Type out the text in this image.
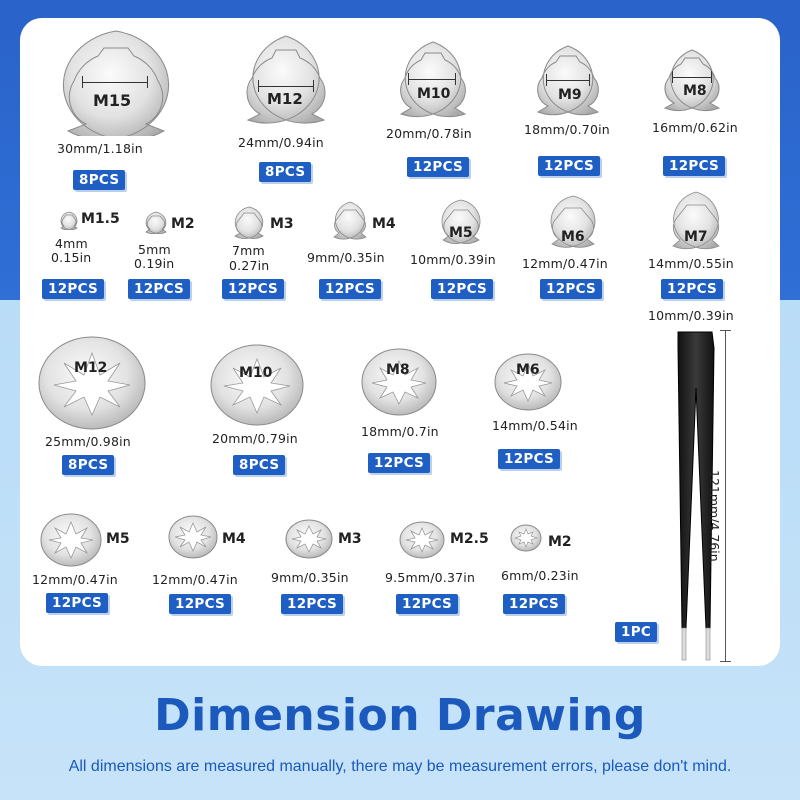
M15
30mm/1.18in
8PCS
M12
24mm/0.94in
8PCS
M10
20mm/0.78in
12PCS
M9
18mm/0.70in
12PCS
M8
16mm/0.62in
12PCS
M1.5
4mm
0.15in
12PCS
M2
5mm
0.19in
12PCS
M3
7mm
0.27in
12PCS
M4
9mm/0.35in
12PCS
M5
10mm/0.39in
12PCS
M6
12mm/0.47in
12PCS
M7
14mm/0.55in
12PCS
M12
25mm/0.98in
8PCS
M10
20mm/0.79in
8PCS
M8
18mm/0.7in
12PCS
M6
14mm/0.54in
12PCS
M5
12mm/0.47in
12PCS
M4
12mm/0.47in
12PCS
M3
9mm/0.35in
12PCS
M2.5
9.5mm/0.37in
12PCS
M2
6mm/0.23in
12PCS
10mm/0.39in
121mm/4.76in
1PC
Dimension Drawing
All dimensions are measured manually, there may be measurement errors, please don't mind.
